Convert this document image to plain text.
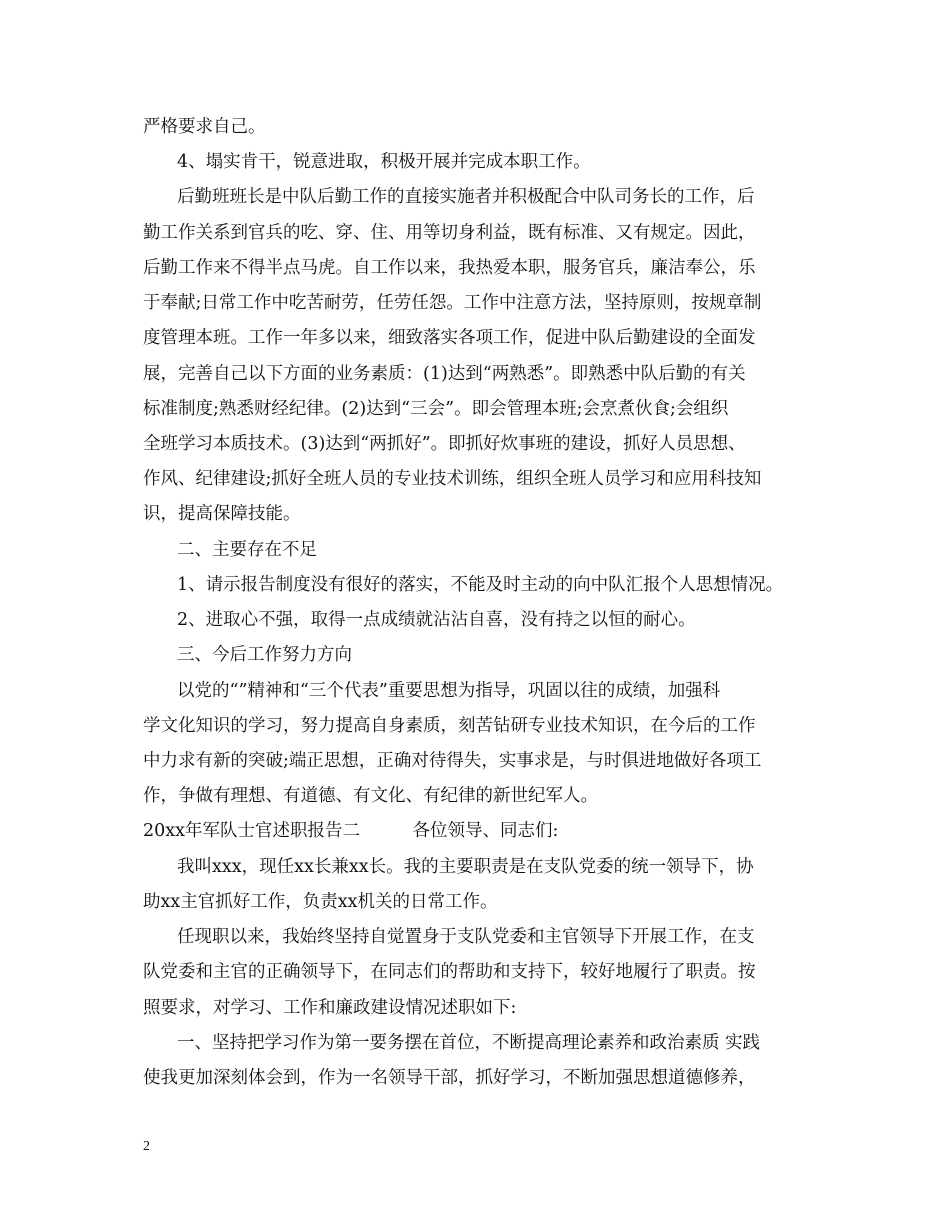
严格要求自己。
4、塌实肯干，锐意进取，积极开展并完成本职工作。
后勤班班长是中队后勤工作的直接实施者并积极配合中队司务长的工作，后
勤工作关系到官兵的吃、穿、住、用等切身利益，既有标准、又有规定。因此，
后勤工作来不得半点马虎。自工作以来，我热爱本职，服务官兵，廉洁奉公，乐
于奉献;日常工作中吃苦耐劳，任劳任怨。工作中注意方法，坚持原则，按规章制
度管理本班。工作一年多以来，细致落实各项工作，促进中队后勤建设的全面发
展，完善自己以下方面的业务素质：(1)达到“两熟悉”。即熟悉中队后勤的有关
标准制度;熟悉财经纪律。(2)达到“三会”。即会管理本班;会烹煮伙食;会组织
全班学习本质技术。(3)达到“两抓好”。即抓好炊事班的建设，抓好人员思想、
作风、纪律建设;抓好全班人员的专业技术训练，组织全班人员学习和应用科技知
识，提高保障技能。
二、主要存在不足
1、请示报告制度没有很好的落实，不能及时主动的向中队汇报个人思想情况。
2、进取心不强，取得一点成绩就沾沾自喜，没有持之以恒的耐心。
三、今后工作努力方向
以党的“”精神和“三个代表”重要思想为指导，巩固以往的成绩，加强科
学文化知识的学习，努力提高自身素质，刻苦钻研专业技术知识，在今后的工作
中力求有新的突破;端正思想，正确对待得失，实事求是，与时俱进地做好各项工
作，争做有理想、有道德、有文化、有纪律的新世纪军人。
20xx年军队士官述职报告二　　　各位领导、同志们:
我叫xxx，现任xx长兼xx长。我的主要职责是在支队党委的统一领导下，协
助xx主官抓好工作，负责xx机关的日常工作。
任现职以来，我始终坚持自觉置身于支队党委和主官领导下开展工作，在支
队党委和主官的正确领导下，在同志们的帮助和支持下，较好地履行了职责。按
照要求，对学习、工作和廉政建设情况述职如下:
一、坚持把学习作为第一要务摆在首位，不断提高理论素养和政治素质 实践
使我更加深刻体会到，作为一名领导干部，抓好学习，不断加强思想道德修养，
2
